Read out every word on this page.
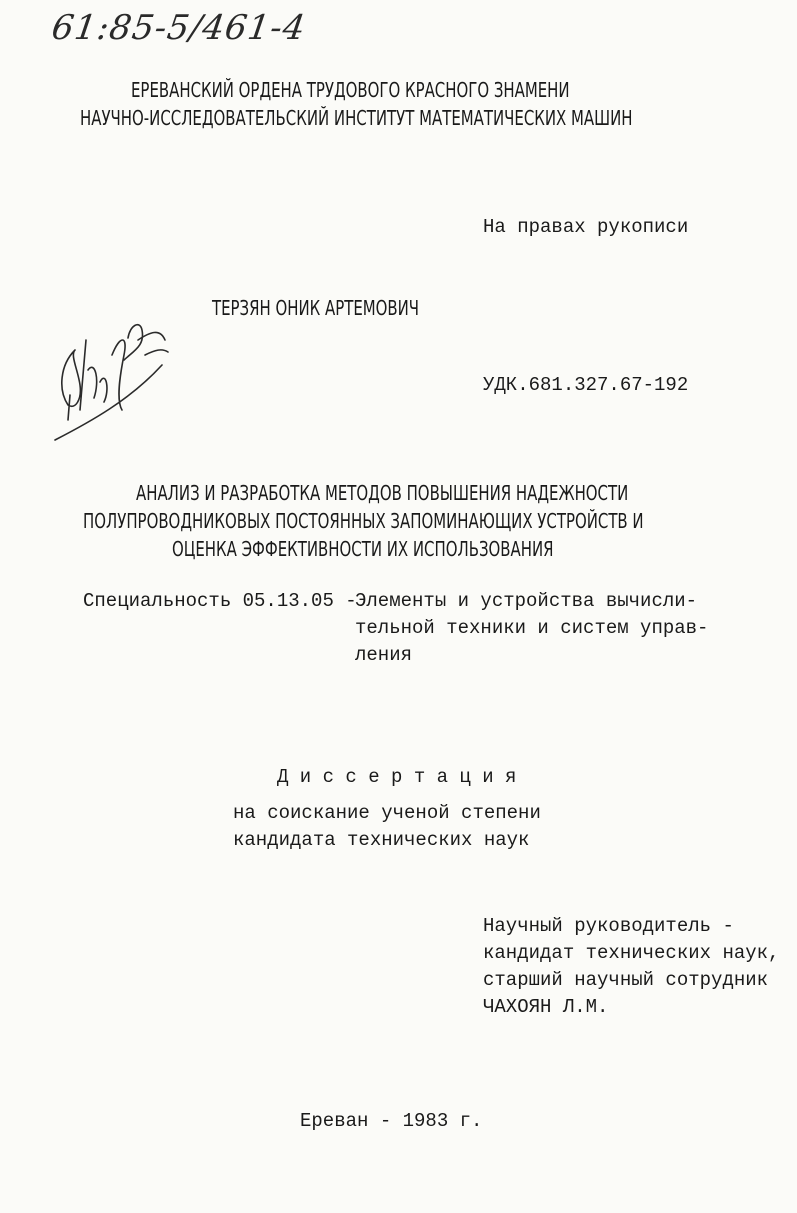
61:85-5/461-4
ЕРЕВАНСКИЙ ОРДЕНА ТРУДОВОГО КРАСНОГО ЗНАМЕНИ
НАУЧНО-ИССЛЕДОВАТЕЛЬСКИЙ ИНСТИТУТ МАТЕМАТИЧЕСКИХ МАШИН
На правах рукописи
ТЕРЗЯН ОНИК АРТЕМОВИЧ
УДК.681.327.67-192
АНАЛИЗ И РАЗРАБОТКА МЕТОДОВ ПОВЫШЕНИЯ НАДЕЖНОСТИ
ПОЛУПРОВОДНИКОВЫХ ПОСТОЯННЫХ ЗАПОМИНАЮЩИХ УСТРОЙСТВ И
ОЦЕНКА ЭФФЕКТИВНОСТИ ИХ ИСПОЛЬЗОВАНИЯ
Специальность 05.13.05 -
Элементы и устройства вычисли-
тельной техники и систем управ-
ления
Д и с с е р т а ц и я
на соискание ученой степени
кандидата технических наук
Научный руководитель -
кандидат технических наук,
старший научный сотрудник
ЧАХОЯН Л.М.
Ереван - 1983 г.
